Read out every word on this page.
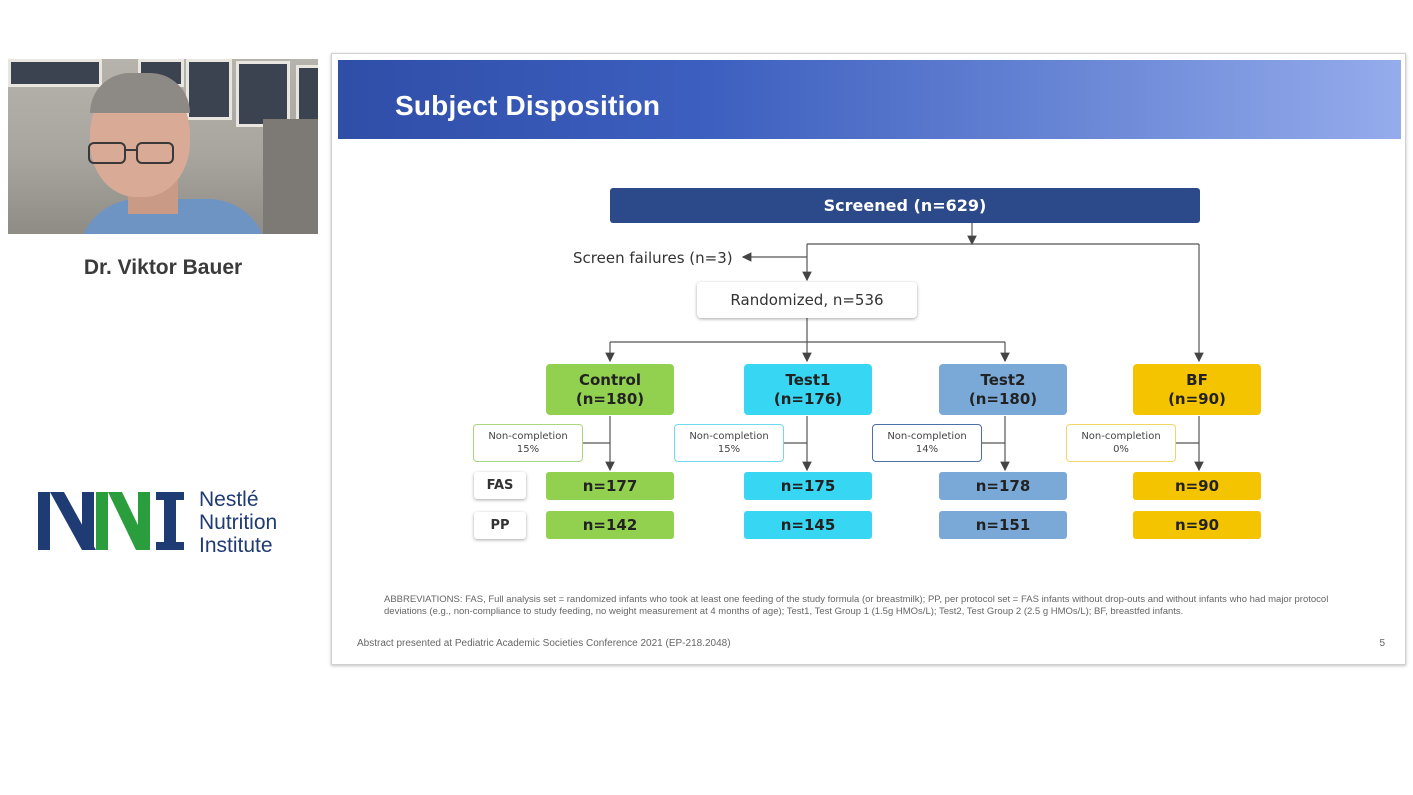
Dr. Viktor Bauer
Nestlé
Nutrition
Institute
Subject Disposition
Screened (n=629)
Screen failures (n=3)
Randomized, n=536
Control
(n=180)
Non-completion
15%
n=177
n=142
Test1
(n=176)
Non-completion
15%
n=175
n=145
Test2
(n=180)
Non-completion
14%
n=178
n=151
BF
(n=90)
Non-completion
0%
n=90
n=90
FAS
PP
ABBREVIATIONS: FAS, Full analysis set = randomized infants who took at least one feeding of the study formula (or breastmilk); PP, per protocol set = FAS infants without drop-outs and without infants who had major protocol deviations (e.g., non-compliance to study feeding, no weight measurement at 4 months of age); Test1, Test Group 1 (1.5g HMOs/L); Test2, Test Group 2 (2.5 g HMOs/L); BF, breastfed infants.
Abstract presented at Pediatric Academic Societies Conference 2021 (EP-218.2048)	5
